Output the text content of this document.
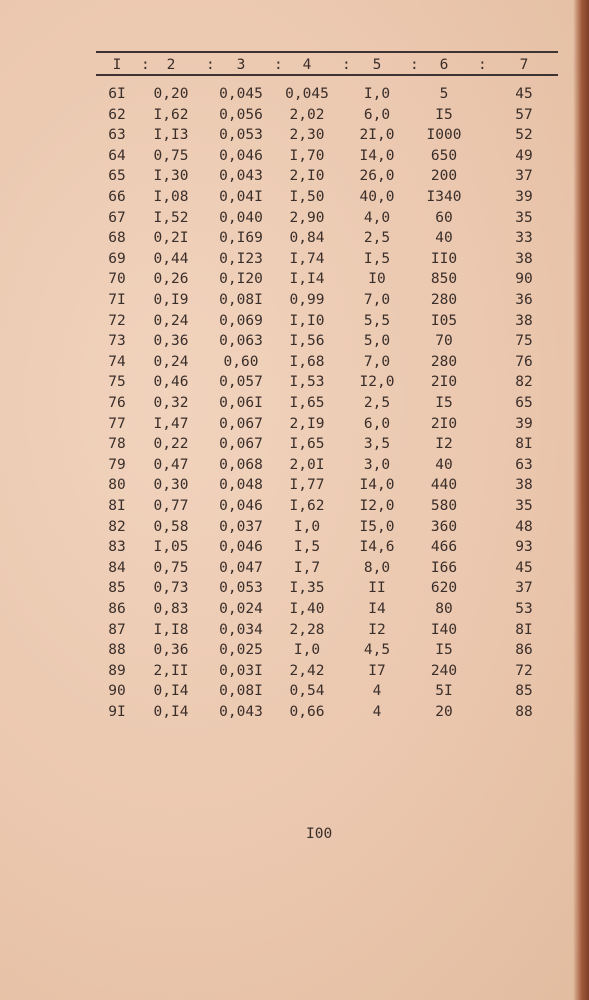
I : 2 : 3 : 4 : 5 : 6 : 7
6I 0,20 0,045 0,045 I,0	5	45
62 I,62 0,056 2,02	6,0	I5	57
63 I,I3 0,053 2,30 2I,0 I000	52
64 0,75 0,046 I,70 I4,0	650	49
65 I,30 0,043 2,I0 26,0	200	37
66 I,08 0,04I I,50 40,0 I340	39
67 I,52 0,040 2,90	4,0	60	35
68 0,2I 0,I69 0,84	2,5	40	33
69 0,44 0,I23 I,74	I,5	II0	38
70 0,26 0,I20 I,I4	I0	850	90
7I 0,I9 0,08I 0,99	7,0	280	36
72 0,24 0,069 I,I0	5,5	I05	38
73 0,36 0,063 I,56	5,0	70	75
74 0,24 0,60 I,68	7,0	280	76
75 0,46 0,057 I,53 I2,0	2I0	82
76 0,32 0,06I I,65	2,5	I5	65
77 I,47 0,067 2,I9	6,0	2I0	39
78 0,22 0,067 I,65	3,5	I2	8I
79 0,47 0,068 2,0I	3,0	40	63
80 0,30 0,048 I,77 I4,0	440	38
8I 0,77 0,046 I,62 I2,0	580	35
82 0,58 0,037 I,0	I5,0	360	48
83 I,05 0,046 I,5	I4,6	466	93
84 0,75 0,047 I,7	8,0	I66	45
85 0,73 0,053 I,35	II	620	37
86 0,83 0,024 I,40	I4	80	53
87 I,I8 0,034 2,28	I2	I40	8I
88 0,36 0,025 I,0	4,5	I5	86
89 2,II 0,03I 2,42	I7	240	72
90 0,I4 0,08I 0,54	4	5I	85
9I 0,I4 0,043 0,66	4	20	88
I00
